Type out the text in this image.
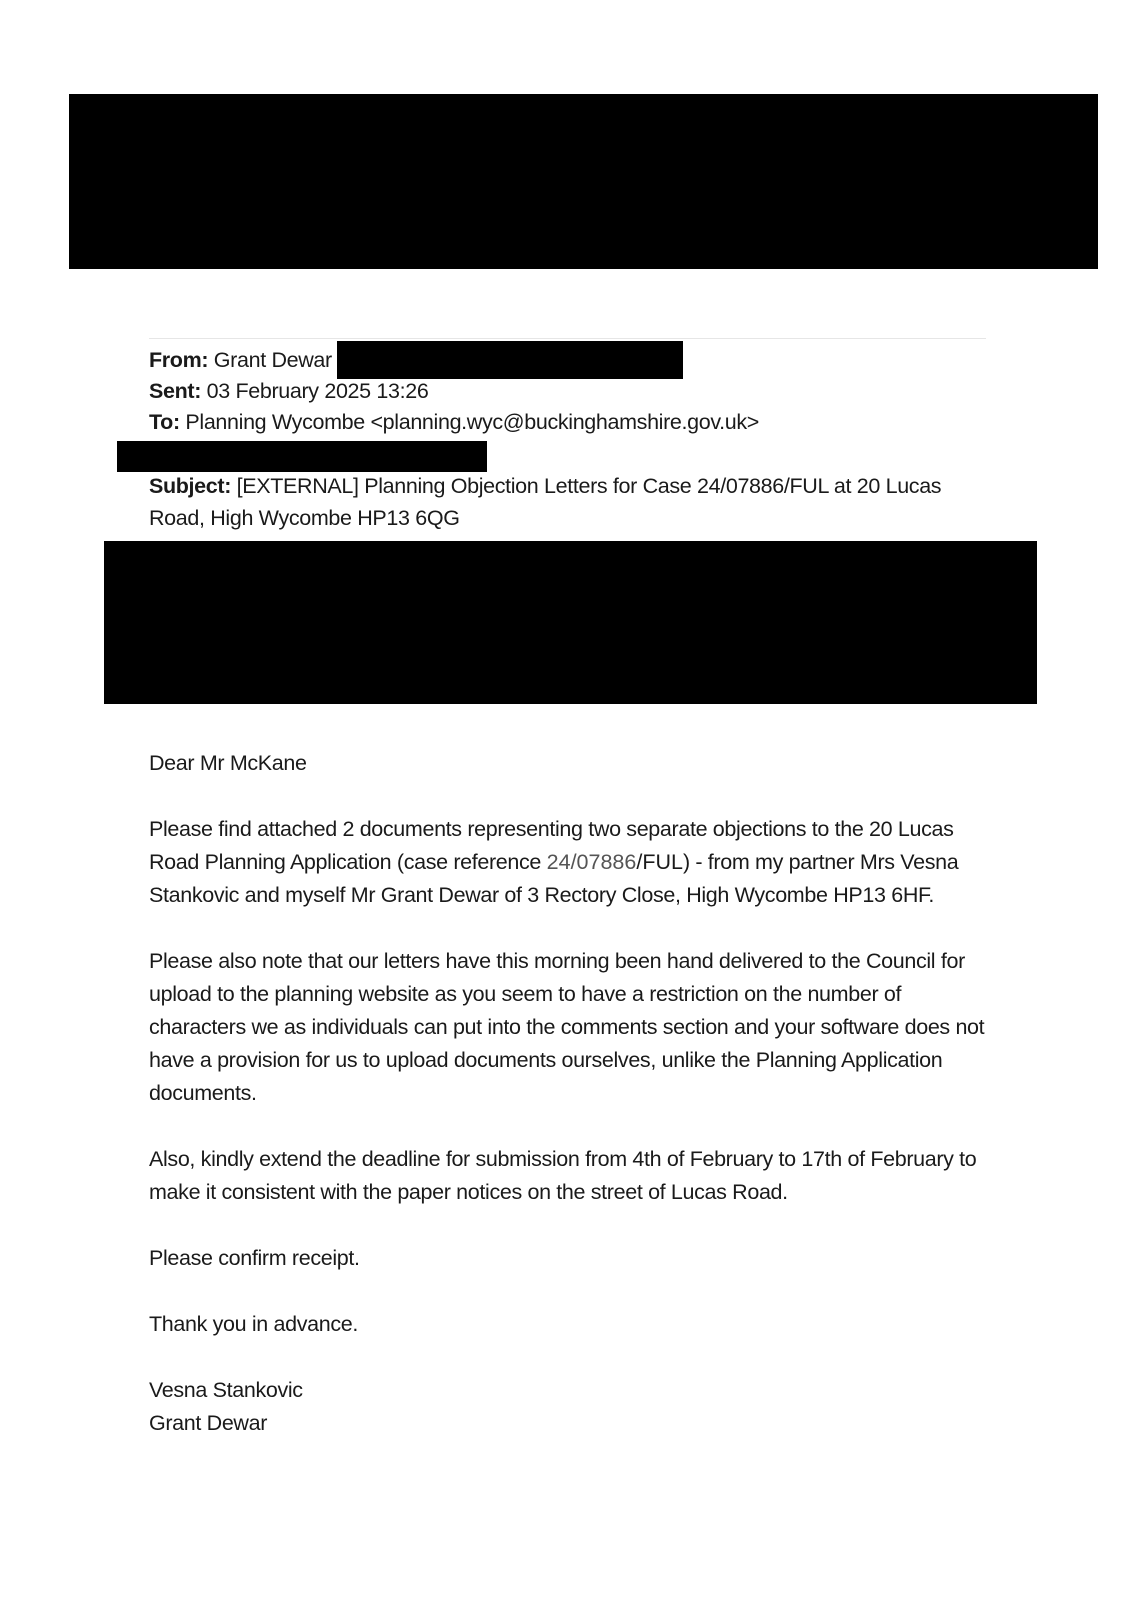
From: Grant Dewar
Sent: 03 February 2025 13:26
To: Planning Wycombe <planning.wyc@buckinghamshire.gov.uk>
Subject: [EXTERNAL] Planning Objection Letters for Case 24/07886/FUL at 20 Lucas Road, High Wycombe HP13 6QG

Dear Mr McKane

Please find attached 2 documents representing two separate objections to the 20 Lucas Road Planning Application (case reference 24/07886/FUL) - from my partner Mrs Vesna Stankovic and myself Mr Grant Dewar of 3 Rectory Close, High Wycombe HP13 6HF.

Please also note that our letters have this morning been hand delivered to the Council for upload to the planning website as you seem to have a restriction on the number of characters we as individuals can put into the comments section and your software does not have a provision for us to upload documents ourselves, unlike the Planning Application documents.

Also, kindly extend the deadline for submission from 4th of February to 17th of February to make it consistent with the paper notices on the street of Lucas Road.

Please confirm receipt.

Thank you in advance.

Vesna Stankovic
Grant Dewar
